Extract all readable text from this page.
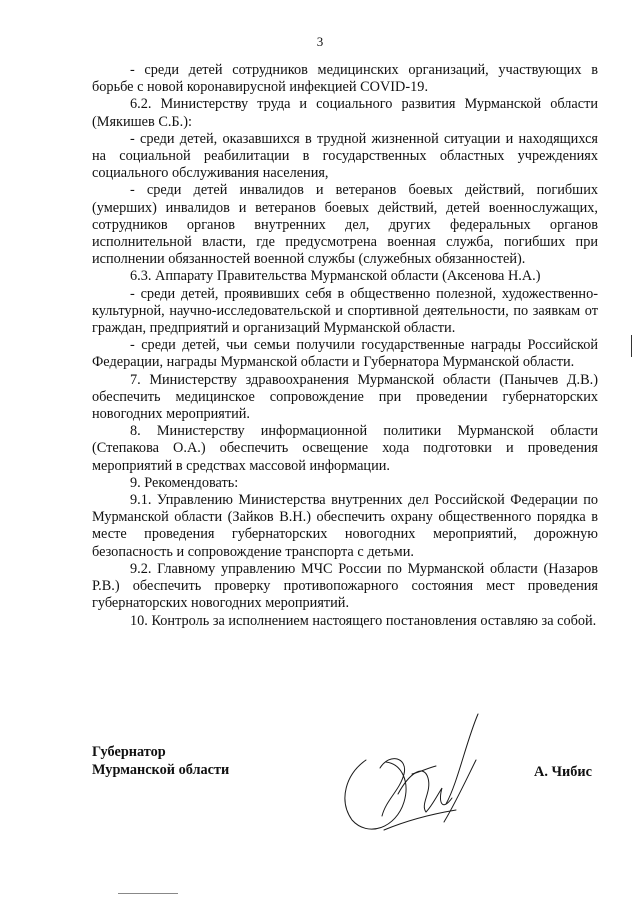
3

- среди детей сотрудников медицинских организаций, участвующих в борьбе с новой коронавирусной инфекцией COVID-19.

6.2. Министерству труда и социального развития Мурманской области (Мякишев С.Б.):

- среди детей, оказавшихся в трудной жизненной ситуации и находящихся на социальной реабилитации в государственных областных учреждениях социального обслуживания населения,

- среди детей инвалидов и ветеранов боевых действий, погибших (умерших) инвалидов и ветеранов боевых действий, детей военнослужащих, сотрудников органов внутренних дел, других федеральных органов исполнительной власти, где предусмотрена военная служба, погибших при исполнении обязанностей военной службы (служебных обязанностей).

6.3. Аппарату Правительства Мурманской области (Аксенова Н.А.)

- среди детей, проявивших себя в общественно полезной, художественно-культурной, научно-исследовательской и спортивной деятельности, по заявкам от граждан, предприятий и организаций Мурманской области.

- среди детей, чьи семьи получили государственные награды Российской Федерации, награды Мурманской области и Губернатора Мурманской области.

7. Министерству здравоохранения Мурманской области (Панычев Д.В.) обеспечить медицинское сопровождение при проведении губернаторских новогодних мероприятий.

8. Министерству информационной политики Мурманской области (Степакова О.А.) обеспечить освещение хода подготовки и проведения мероприятий в средствах массовой информации.

9. Рекомендовать:

9.1. Управлению Министерства внутренних дел Российской Федерации по Мурманской области (Зайков В.Н.) обеспечить охрану общественного порядка в месте проведения губернаторских новогодних мероприятий, дорожную безопасность и сопровождение транспорта с детьми.

9.2. Главному управлению МЧС России по Мурманской области (Назаров Р.В.) обеспечить проверку противопожарного состояния мест проведения губернаторских новогодних мероприятий.

10. Контроль за исполнением настоящего постановления оставляю за собой.

Губернатор
Мурманской области	А. Чибис
